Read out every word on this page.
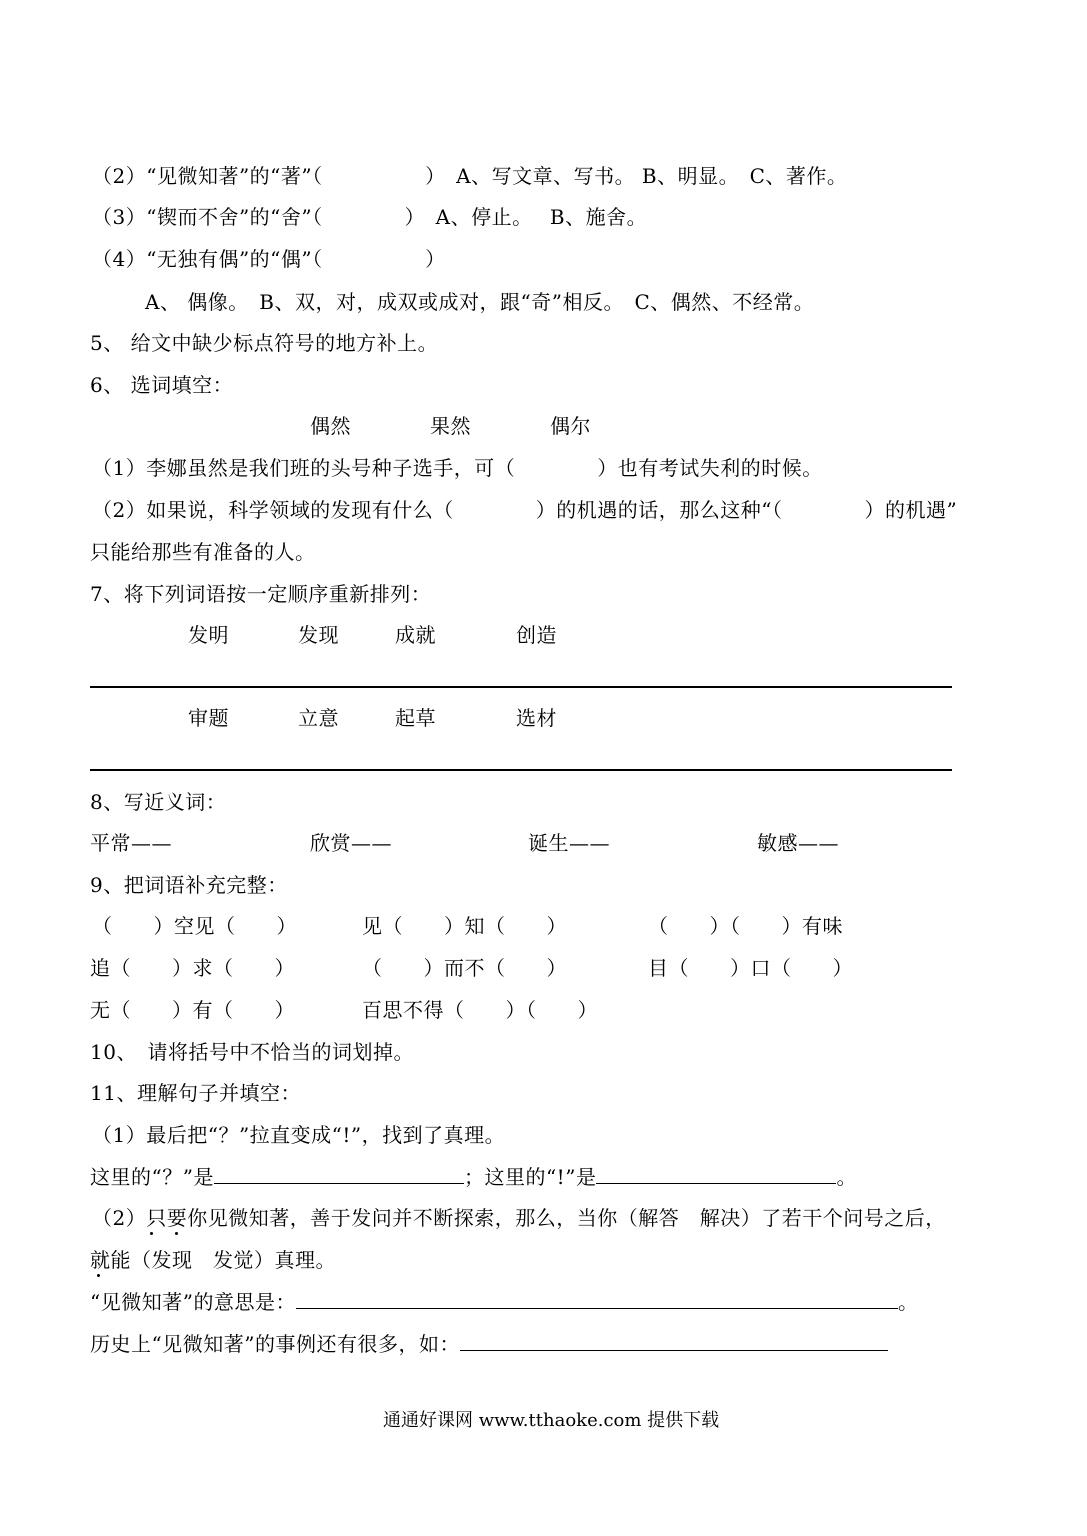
（2）“见微知著”的“著”（　　　　　）　A、写文章、写书。 B、明显。　C、著作。
（3）“锲而不舍”的“舍”（　　　　）　A、停止。　 B、施舍。
（4）“无独有偶”的“偶”（　　　　　）
A、 偶像。　B、双，对，成双或成对，跟“奇”相反。　C、偶然、不经常。
5、 给文中缺少标点符号的地方补上。
6、 选词填空：
偶然	果然	偶尔
（1）李娜虽然是我们班的头号种子选手，可（　　　　）也有考试失利的时候。
（2）如果说，科学领域的发现有什么（　　　　）的机遇的话，那么这种“（　　　　）的机遇”
只能给那些有准备的人。
7、将下列词语按一定顺序重新排列：
发明	发现	成就	创造
审题	立意	起草	选材
8、写近义词：
平常——	欣赏——	诞生——	敏感——
9、把词语补充完整：
（　　）空见（　　）	见（　　）知（　　）	（　　）（　　）有味
追（　　）求（　　）	（　　）而不（　　）	目（　　）口（　　）
无（　　）有（　　）	百思不得（　　）（　　）
10、　请将括号中不恰当的词划掉。
11、理解句子并填空：
（1）最后把“？”拉直变成“!”，找到了真理。
这里的“？”是	；这里的“!”是	。
（2）只要你见微知著，善于发问并不断探索，那么，当你（解答　解决）了若干个问号之后，
就能（发现　发觉）真理。
“见微知著”的意思是：	。
历史上“见微知著”的事例还有很多，如：
通通好课网 www.tthaoke.com 提供下载
